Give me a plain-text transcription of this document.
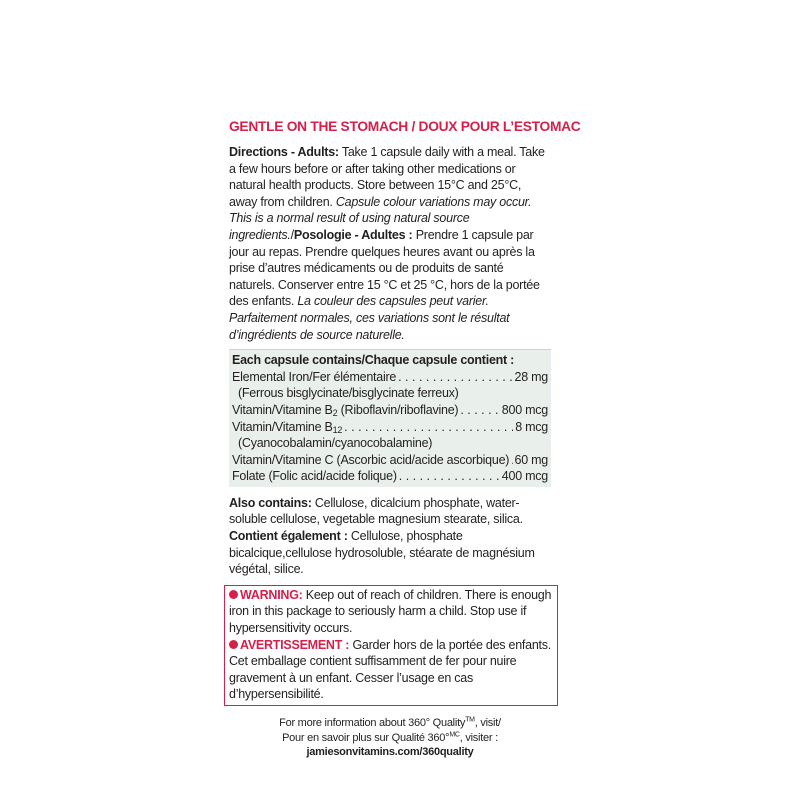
GENTLE ON THE STOMACH / DOUX POUR L’ESTOMAC

Directions - Adults: Take 1 capsule daily with a meal. Take a few hours before or after taking other medications or natural health products. Store between 15°C and 25°C, away from children. Capsule colour variations may occur. This is a normal result of using natural source ingredients./Posologie - Adultes : Prendre 1 capsule par jour au repas. Prendre quelques heures avant ou après la prise d’autres médicaments ou de produits de santé naturels. Conserver entre 15 °C et 25 °C, hors de la portée des enfants. La couleur des capsules peut varier. Parfaitement normales, ces variations sont le résultat d’ingrédients de source naturelle.

Each capsule contains/Chaque capsule contient :
Elemental Iron/Fer élémentaire . . .	28 mg
(Ferrous bisglycinate/bisglycinate ferreux)
Vitamin/Vitamine $B_2$ (Riboflavin/riboflavine) . . .	800 mcg
Vitamin/Vitamine $B_{12}$ . . .	8 mcg
(Cyanocobalamin/cyanocobalamine)
Vitamin/Vitamine C (Ascorbic acid/acide ascorbique) . . . 60 mg
Folate (Folic acid/acide folique) . . .	400 mcg

Also contains: Cellulose, dicalcium phosphate, water-soluble cellulose, vegetable magnesium stearate, silica.

Contient également : Cellulose, phosphate bicalcique,cellulose hydrosoluble, stéarate de magnésium végétal, silice.

WARNING: Keep out of reach of children. There is enough iron in this package to seriously harm a child. Stop use if hypersensitivity occurs.

AVERTISSEMENT : Garder hors de la portée des enfants. Cet emballage contient suffisamment de fer pour nuire gravement à un enfant. Cesser l’usage en cas d’hypersensibilité.

For more information about 360° Quality™, visit/
Pour en savoir plus sur Qualité 360°$^{MC}$, visiter :
jamiesonvitamins.com/360quality
